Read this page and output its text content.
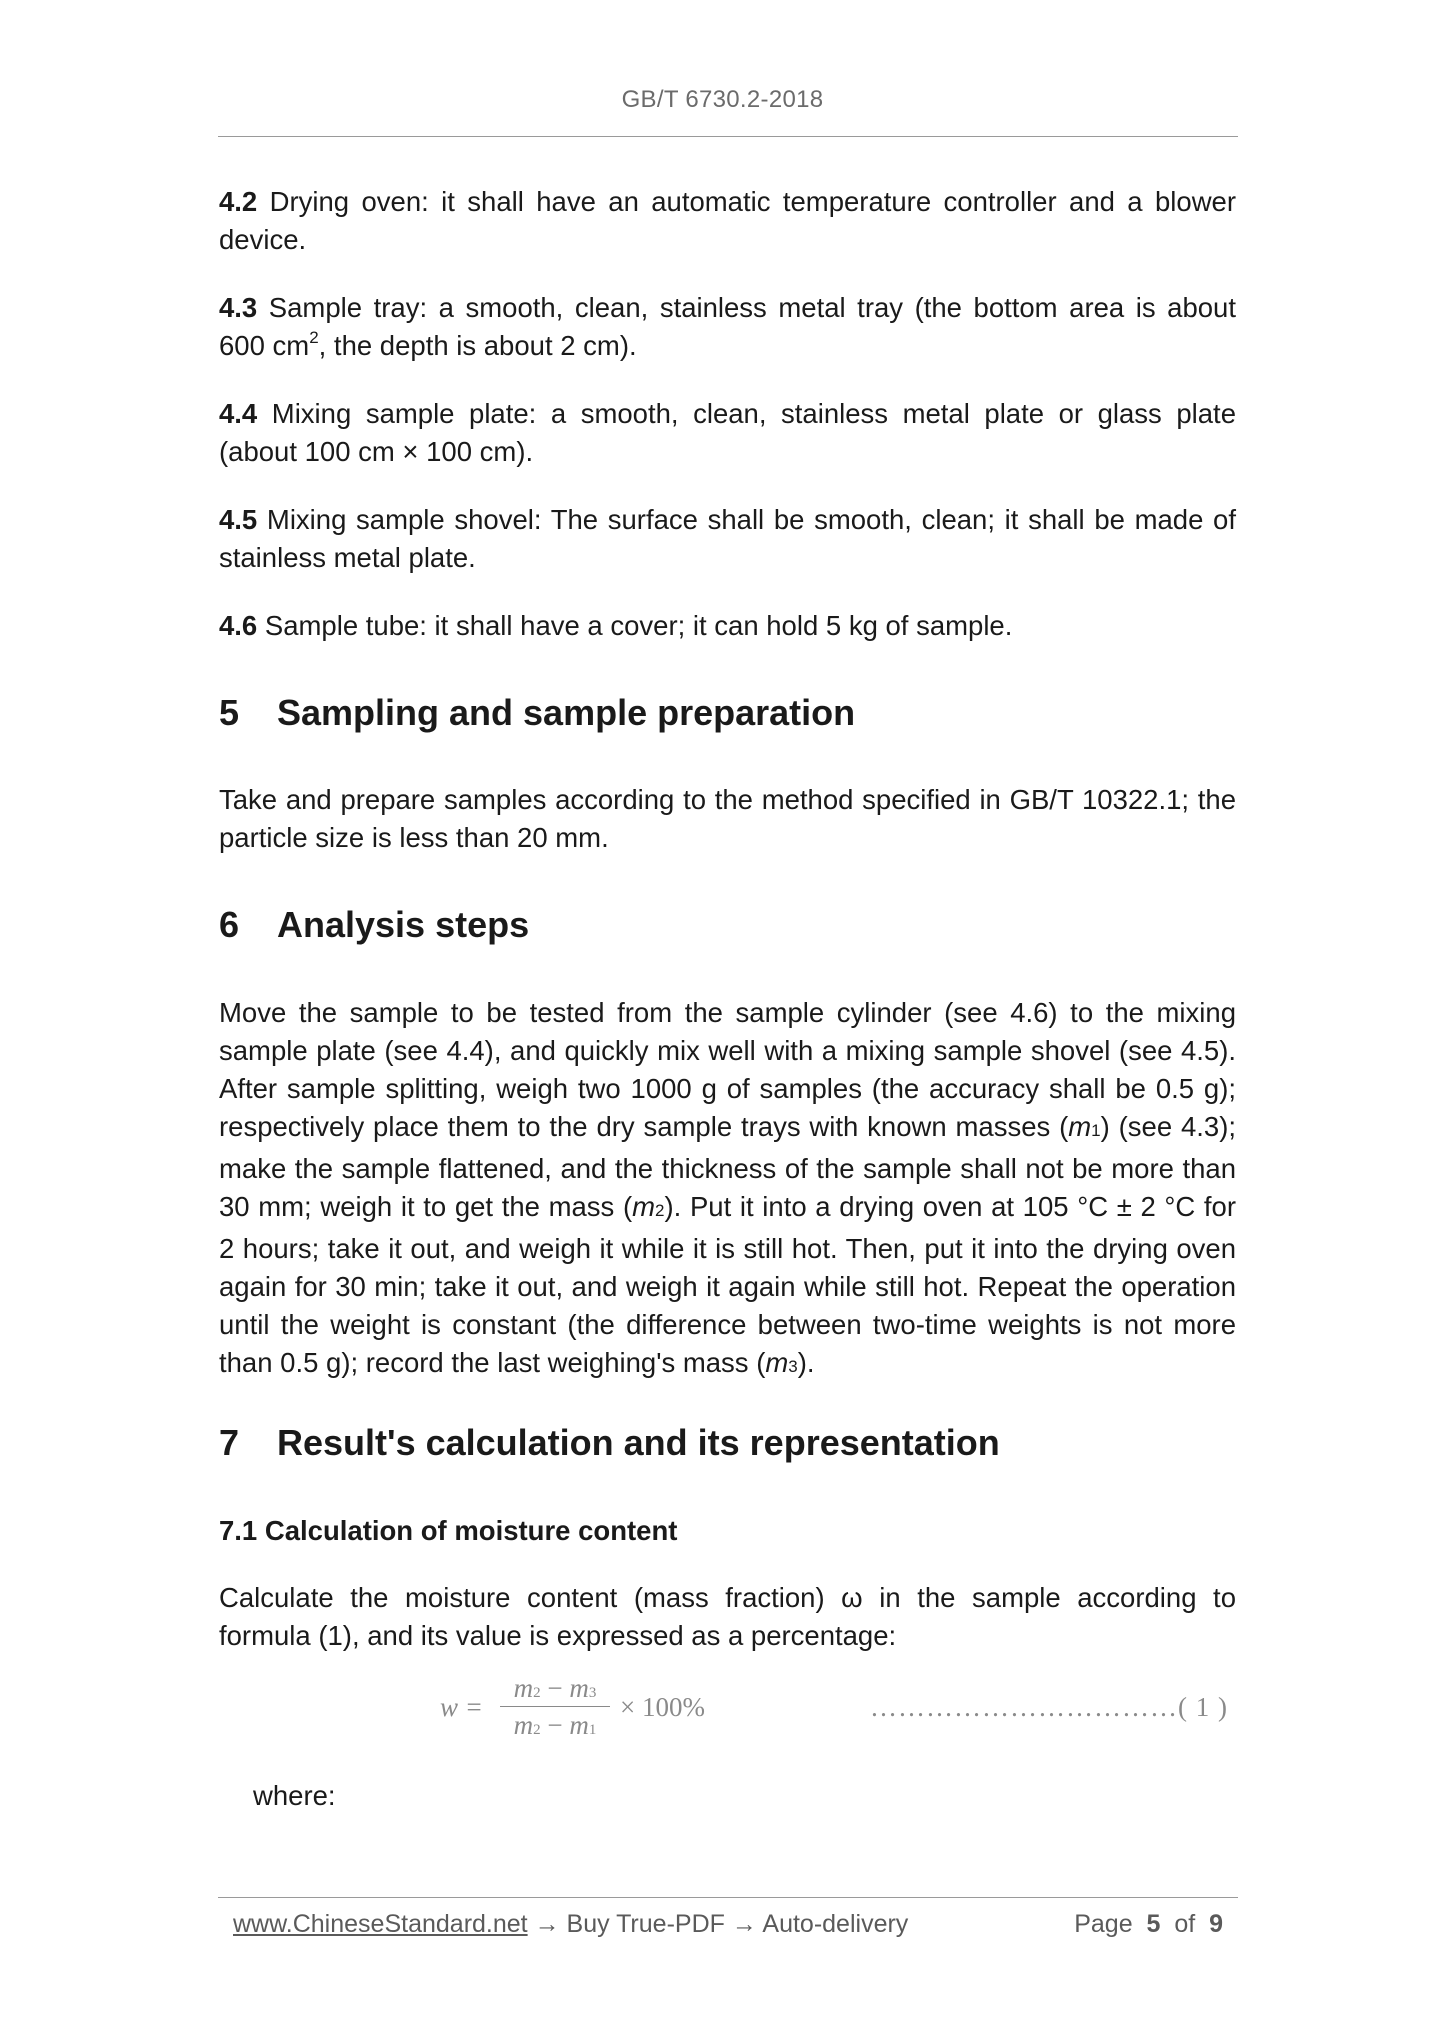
GB/T 6730.2-2018

4.2 Drying oven: it shall have an automatic temperature controller and a blower device.

4.3 Sample tray: a smooth, clean, stainless metal tray (the bottom area is about 600 $cm^2$, the depth is about 2 cm).

4.4 Mixing sample plate: a smooth, clean, stainless metal plate or glass plate (about 100 cm × 100 cm).

4.5 Mixing sample shovel: The surface shall be smooth, clean; it shall be made of stainless metal plate.

4.6 Sample tube: it shall have a cover; it can hold 5 kg of sample.

5 Sampling and sample preparation

Take and prepare samples according to the method specified in GB/T 10322.1; the particle size is less than 20 mm.

6 Analysis steps

Move the sample to be tested from the sample cylinder (see 4.6) to the mixing sample plate (see 4.4), and quickly mix well with a mixing sample shovel (see 4.5). After sample splitting, weigh two 1000 g of samples (the accuracy shall be 0.5 g); respectively place them to the dry sample trays with known masses (m1) (see 4.3); make the sample flattened, and the thickness of the sample shall not be more than 30 mm; weigh it to get the mass (m2). Put it into a drying oven at 105 °C ± 2 °C for 2 hours; take it out, and weigh it while it is still hot. Then, put it into the drying oven again for 30 min; take it out, and weigh it again while still hot. Repeat the operation until the weight is constant (the difference between two-time weights is not more than 0.5 g); record the last weighing's mass (m3).

7 Result's calculation and its representation
7.1 Calculation of moisture content

Calculate the moisture content (mass fraction) ω in the sample according to formula (1), and its value is expressed as a percentage:

w =
m2 − m3
m2 − m1
× 100%	……………………………( 1 )

where:

www.ChineseStandard.net → Buy True-PDF → Auto-delivery	Page 5 of 9
